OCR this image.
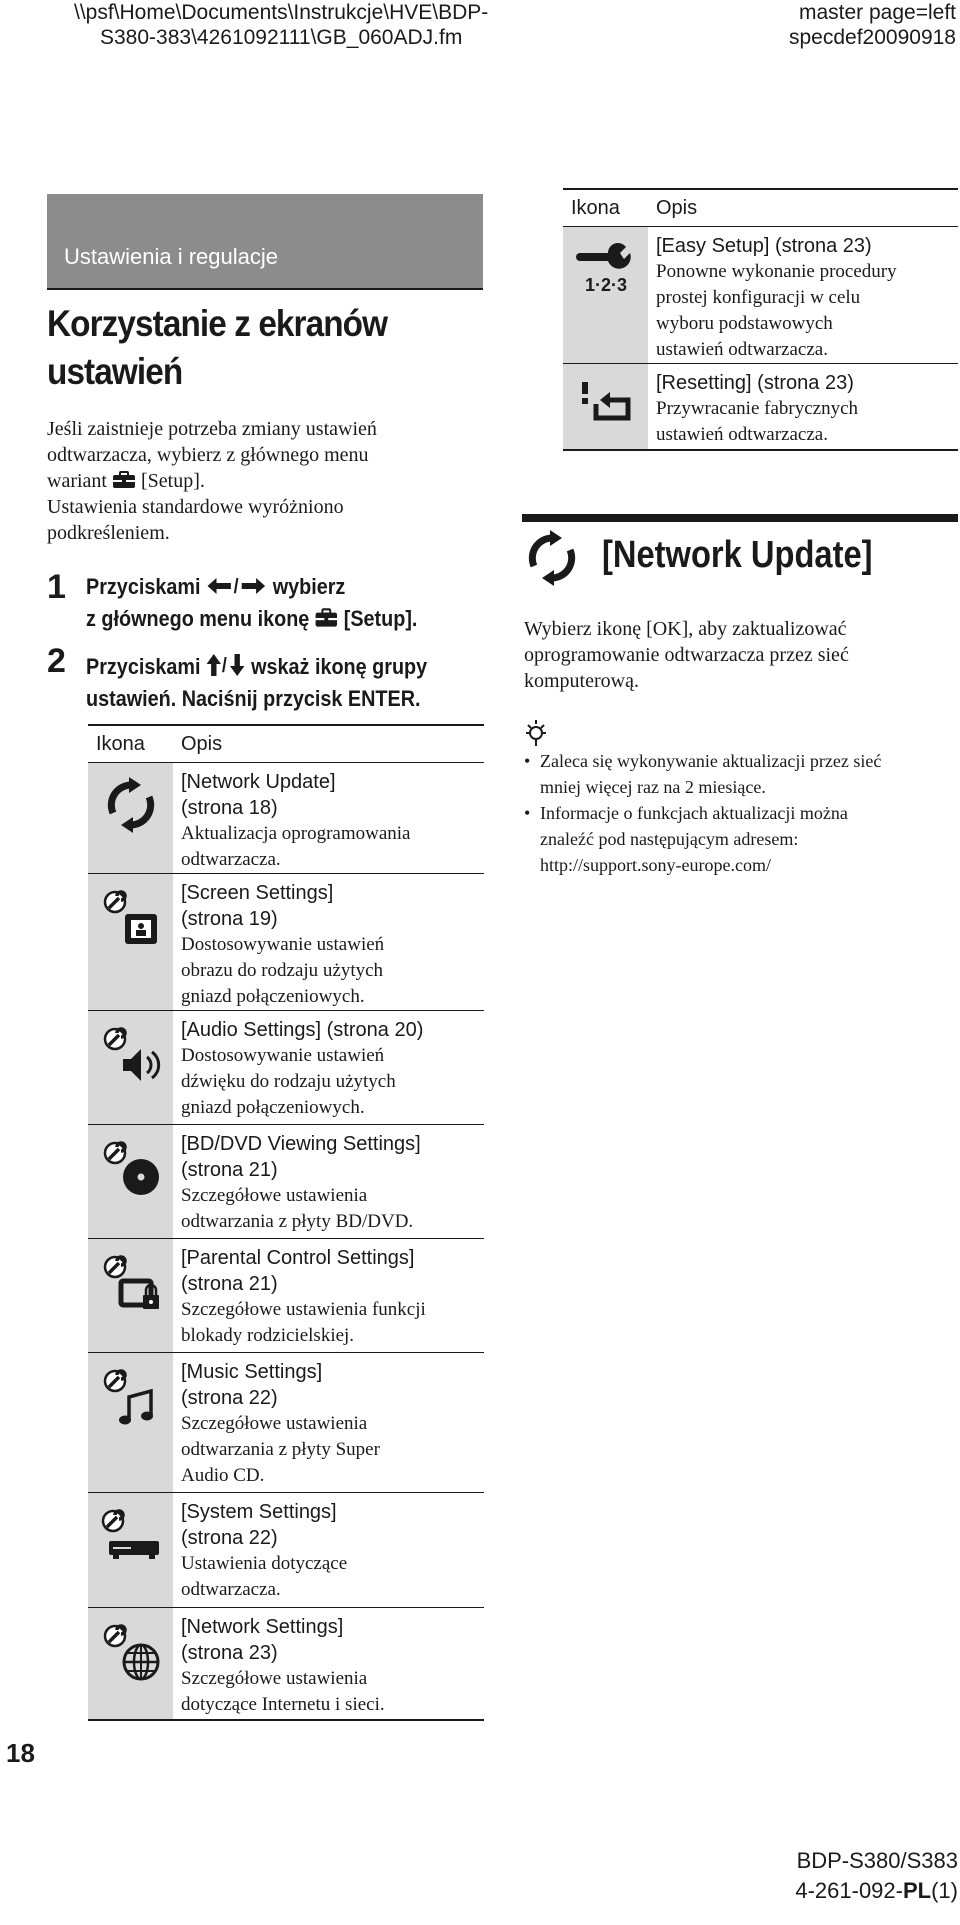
\\psf\Home\Documents\Instrukcje\HVE\BDP-
S380-383\4261092111\GB_060ADJ.fm
master page=left
specdef20090918
Ustawienia i regulacje
Korzystanie z ekranów
ustawień
Jeśli zaistnieje potrzeba zmiany ustawień
odtwarzacza, wybierz z głównego menu
wariant [Setup].
Ustawienia standardowe wyróżniono
podkreśleniem.
1 Przyciskami / wybierz
z głównego menu ikonę [Setup].
2 Przyciskami / wskaż ikonę grupy
ustawień. Naciśnij przycisk ENTER.
Ikona	Opis

[Network Update]
(strona 18)
Aktualizacja oprogramowania
odtwarzacza.

[Screen Settings]
(strona 19)
Dostosowywanie ustawień
obrazu do rodzaju użytych
gniazd połączeniowych.

[Audio Settings] (strona 20)
Dostosowywanie ustawień
dźwięku do rodzaju użytych
gniazd połączeniowych.

[BD/DVD Viewing Settings]
(strona 21)
Szczegółowe ustawienia
odtwarzania z płyty BD/DVD.

[Parental Control Settings]
(strona 21)
Szczegółowe ustawienia funkcji
blokady rodzicielskiej.

[Music Settings]
(strona 22)
Szczegółowe ustawienia
odtwarzania z płyty Super
Audio CD.

[System Settings]
(strona 22)
Ustawienia dotyczące
odtwarzacza.

[Network Settings]
(strona 23)
Szczegółowe ustawienia
dotyczące Internetu i sieci.
Ikona	Opis

1·2·3	[Easy Setup] (strona 23)
Ponowne wykonanie procedury
prostej konfiguracji w celu
wyboru podstawowych
ustawień odtwarzacza.

[Resetting] (strona 23)
Przywracanie fabrycznych
ustawień odtwarzacza.
[Network Update]
Wybierz ikonę [OK], aby zaktualizować
oprogramowanie odtwarzacza przez sieć
komputerową.
• Zaleca się wykonywanie aktualizacji przez sieć
mniej więcej raz na 2 miesiące.
• Informacje o funkcjach aktualizacji można
znaleźć pod następującym adresem:
http://support.sony-europe.com/
18
BDP-S380/S383
4-261-092-PL(1)
